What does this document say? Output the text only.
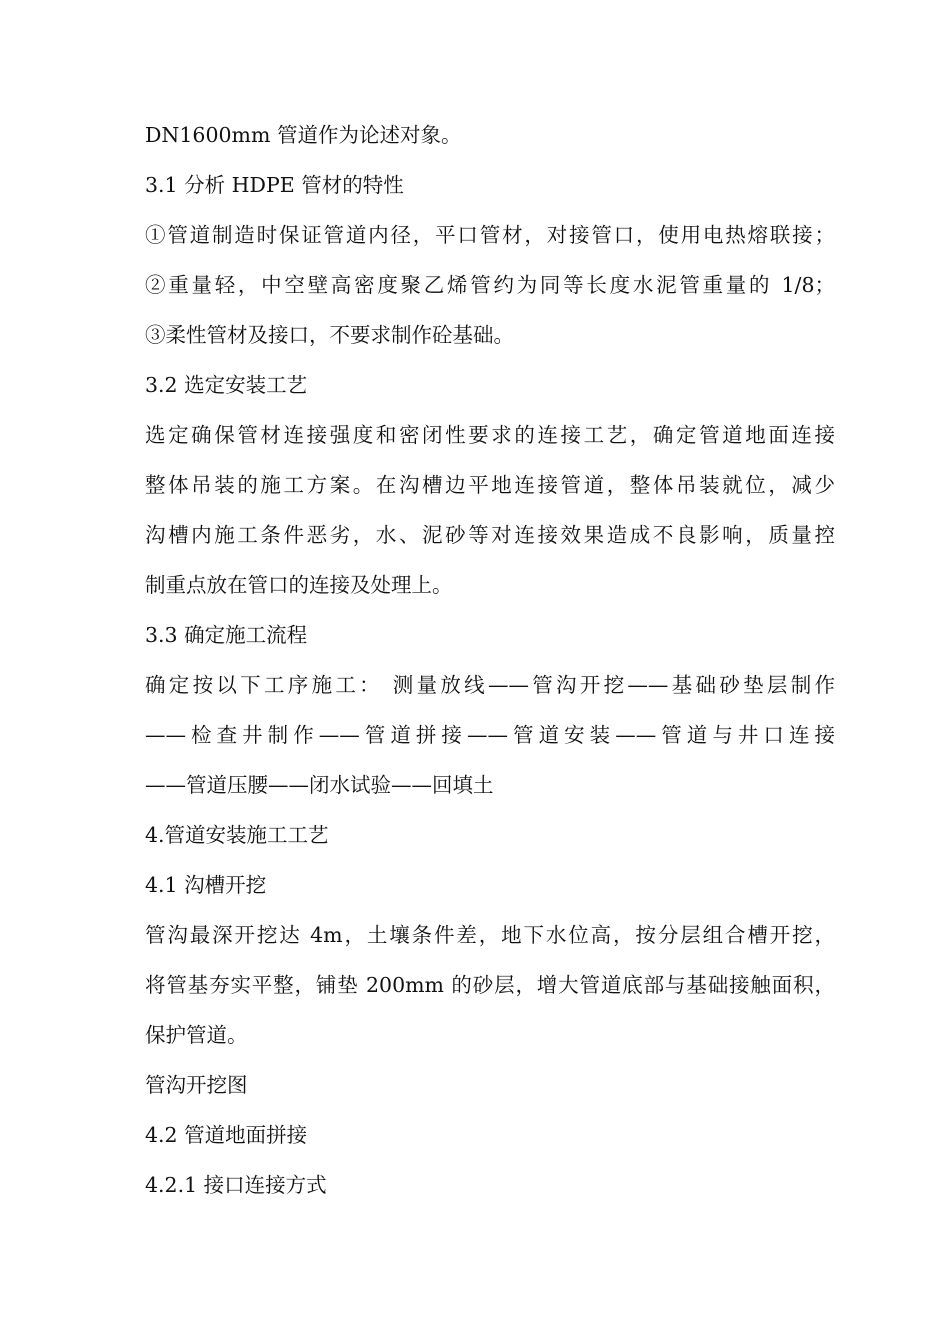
DN1600mm 管道作为论述对象。
3.1 分析 HDPE 管材的特性
①管道制造时保证管道内径，平口管材，对接管口，使用电热熔联接；
②重量轻，中空壁高密度聚乙烯管约为同等长度水泥管重量的 1/8；
③柔性管材及接口，不要求制作砼基础。
3.2 选定安装工艺
选定确保管材连接强度和密闭性要求的连接工艺，确定管道地面连接
整体吊装的施工方案。在沟槽边平地连接管道，整体吊装就位，减少
沟槽内施工条件恶劣，水、泥砂等对连接效果造成不良影响，质量控
制重点放在管口的连接及处理上。
3.3 确定施工流程
确定按以下工序施工： 测量放线——管沟开挖——基础砂垫层制作
——检查井制作——管道拼接——管道安装——管道与井口连接
——管道压腰——闭水试验——回填土
4.管道安装施工工艺
4.1 沟槽开挖
管沟最深开挖达 4m，土壤条件差，地下水位高，按分层组合槽开挖，
将管基夯实平整，铺垫 200mm 的砂层，增大管道底部与基础接触面积，
保护管道。
管沟开挖图
4.2 管道地面拼接
4.2.1 接口连接方式
